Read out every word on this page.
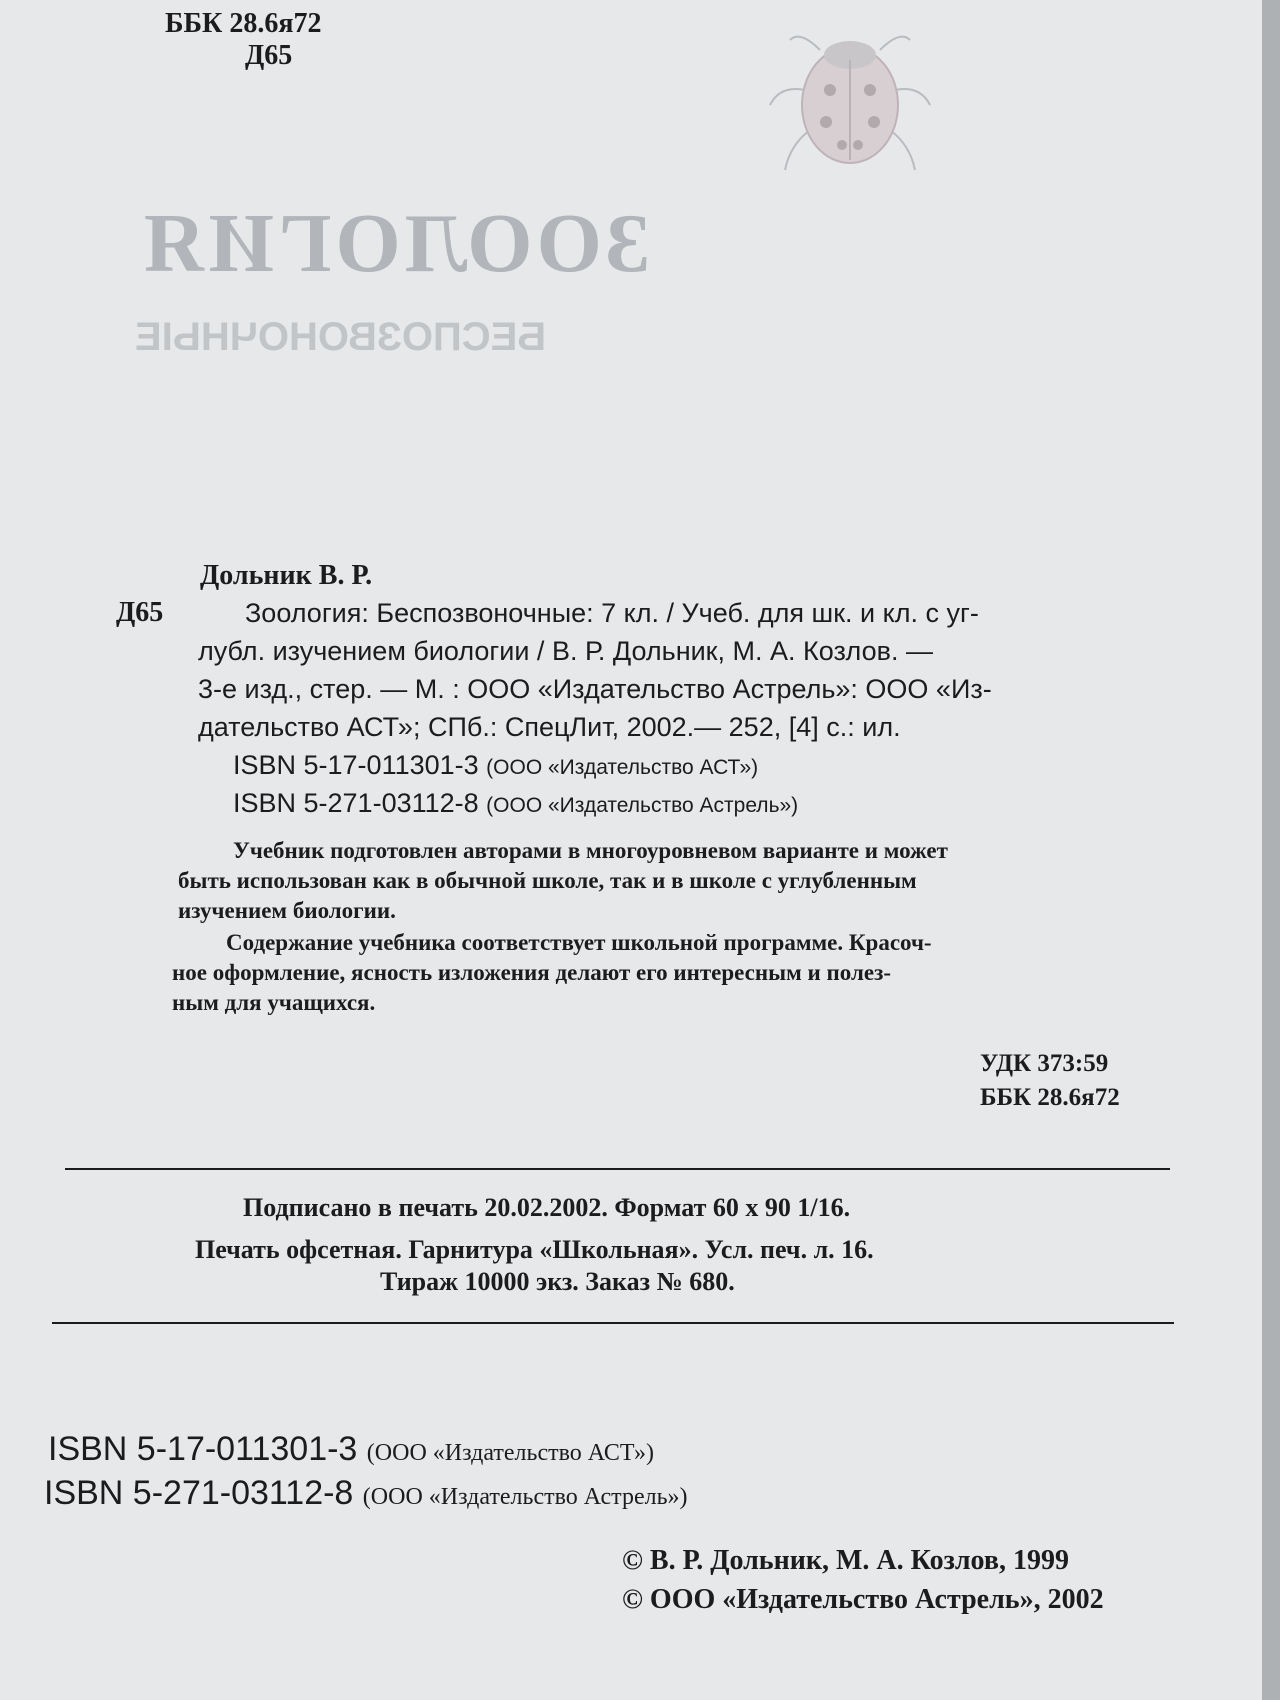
ЗООЛОГИЯ
БЕСПОЗВОНОЧНЫЕ
ББК 28.6я72
Д65
Дольник В. Р.
Д65	Зоология: Беспозвоночные: 7 кл. / Учеб. для шк. и кл. с уг-
лубл. изучением биологии / В. Р. Дольник, М. А. Козлов. —
3-е изд., стер. — М. : ООО «Издательство Астрель»: ООО «Из-
дательство АСТ»; СПб.: СпецЛит, 2002.— 252, [4] с.: ил.
ISBN 5-17-011301-3 (ООО «Издательство АСТ»)
ISBN 5-271-03112-8 (ООО «Издательство Астрель»)
Учебник подготовлен авторами в многоуровневом варианте и может
быть использован как в обычной школе, так и в школе с углубленным
изучением биологии.
Содержание учебника соответствует школьной программе. Красоч-
ное оформление, ясность изложения делают его интересным и полез-
ным для учащихся.
УДК 373:59
ББК 28.6я72
Подписано в печать 20.02.2002. Формат 60 х 90 1/16.
Печать офсетная. Гарнитура «Школьная». Усл. печ. л. 16.
Тираж 10000 экз. Заказ № 680.
ISBN 5-17-011301-3 (ООО «Издательство АСТ»)
ISBN 5-271-03112-8 (ООО «Издательство Астрель»)
© В. Р. Дольник, М. А. Козлов, 1999
© ООО «Издательство Астрель», 2002
